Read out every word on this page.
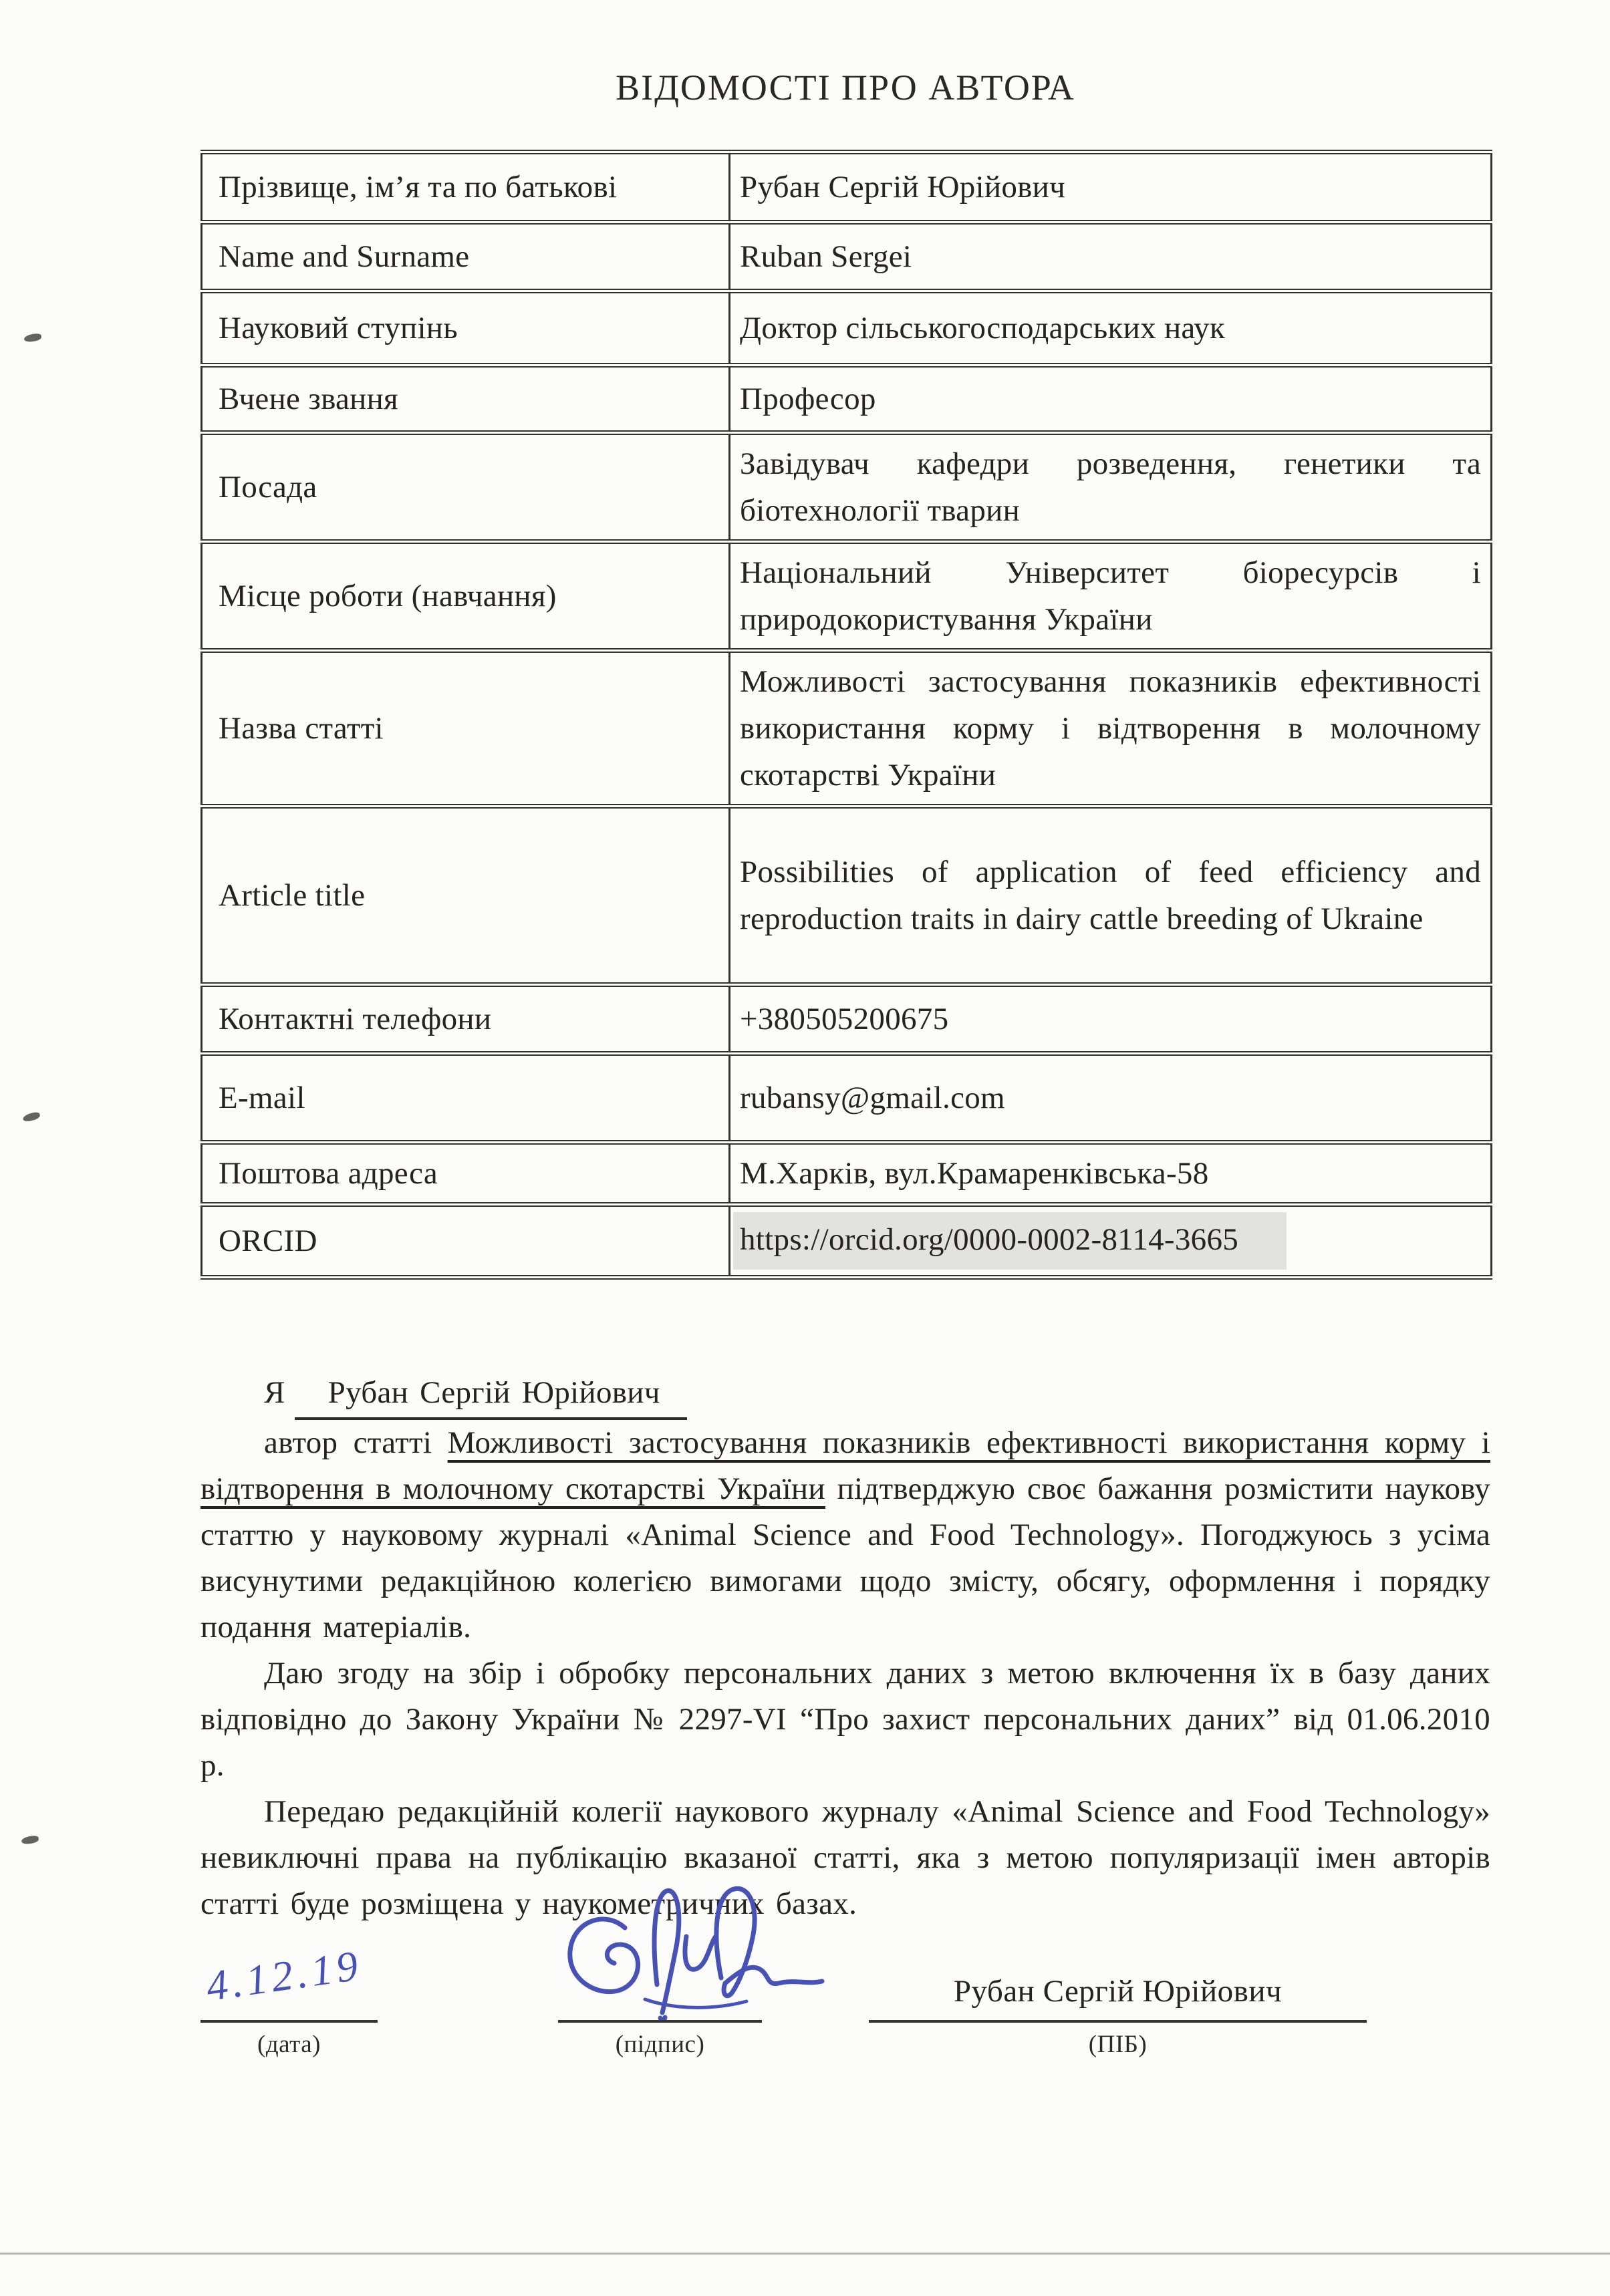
ВІДОМОСТІ ПРО АВТОРА
Прізвище, ім’я та по батькові	Рубан Сергій Юрійович
Name and Surname	Ruban Sergei
Науковий ступінь	Доктор сільськогосподарських наук
Вчене звання	Професор
Посада	Завідувач кафедри розведення, генетики та біотехнології тварин
Місце роботи (навчання)	Національний Університет біоресурсів і природокористування України
Назва статті	Можливості застосування показників ефективності використання корму і відтворення в молочному скотарстві України
Article title	Possibilities of application of feed efficiency and reproduction traits in dairy cattle breeding of Ukraine
Контактні телефони	+380505200675
E-mail	rubansy@gmail.com
Поштова адреса	М.Харків, вул.Крамаренківська-58
ORCID	https://orcid.org/0000-0002-8114-3665
Я Рубан Сергій Юрійович

автор статті Можливості застосування показників ефективності використання корму і відтворення в молочному скотарстві України підтверджую своє бажання розмістити наукову статтю у науковому журналі «Animal Science and Food Technology». Погоджуюсь з усіма висунутими редакційною колегією вимогами щодо змісту, обсягу, оформлення і порядку подання матеріалів.

Даю згоду на збір і обробку персональних даних з метою включення їх в базу даних відповідно до Закону України № 2297-VI “Про захист персональних даних” від 01.06.2010 р.

Передаю редакційній колегії наукового журналу «Animal Science and Food Technology» невиключні права на публікацію вказаної статті, яка з метою популяризації імен авторів статті буде розміщена у наукометричних базах.

4.12.19
(дата)	(підпис)
Рубан Сергій Юрійович
(ПІБ)
